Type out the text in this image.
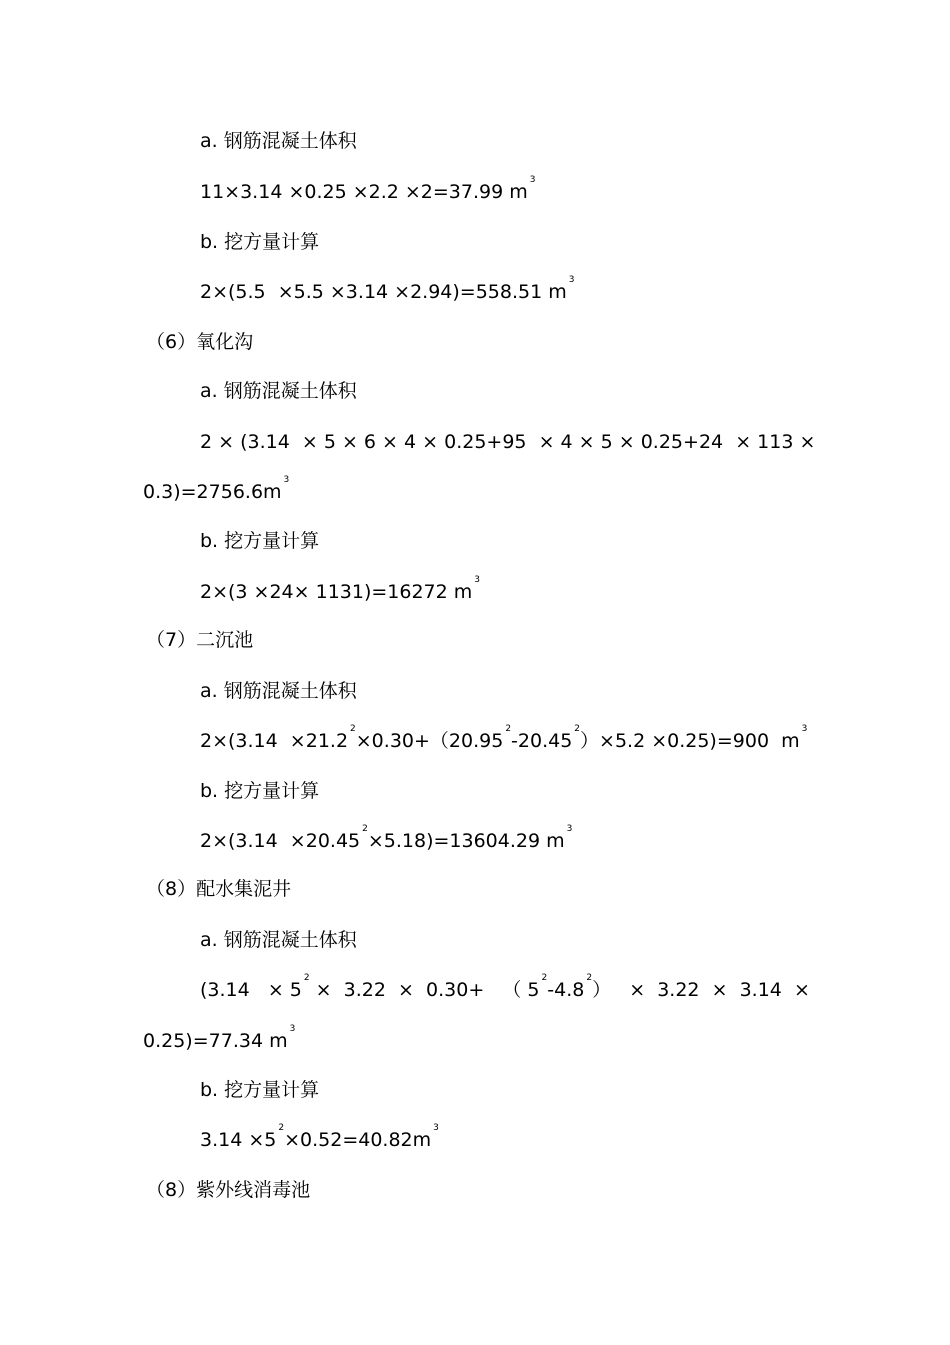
a. 钢筋混凝土体积
11×3.14 ×0.25 ×2.2 ×2=37.99 $m^3$
b. 挖方量计算
2×(5.5  ×5.5 ×3.14 ×2.94)=558.51 $m^3$
（6）氧化沟
a. 钢筋混凝土体积
2 × (3.14  × 5 × 6 × 4 × 0.25+95  × 4 × 5 × 0.25+24  × 113 ×
$0.3)=2756.6m^3$
b. 挖方量计算
2×(3 ×24× 1131)=16272 $m^3$
（7）二沉池
a. 钢筋混凝土体积
$2\times(3.14 \times 21.2^2\times 0.30+(20.95^2-20.45^2)\times 5.2 \times 0.25)=900$  $m^3$
b. 挖方量计算
$2\times(3.14 \times 20.45^2\times 5.18)=13604.29$ $m^3$
（8）配水集泥井
a. 钢筋混凝土体积
($3.14 \times 5^2 \times 3.22 \times 0.30+$   （ $5^2-4.8^2) \times 3.22 \times 3.14$  ×
0.25)=77.34 $m^3$
b. 挖方量计算
$3.14 \times 5^2\times 0.52=40.82m^3$
（8）紫外线消毒池
